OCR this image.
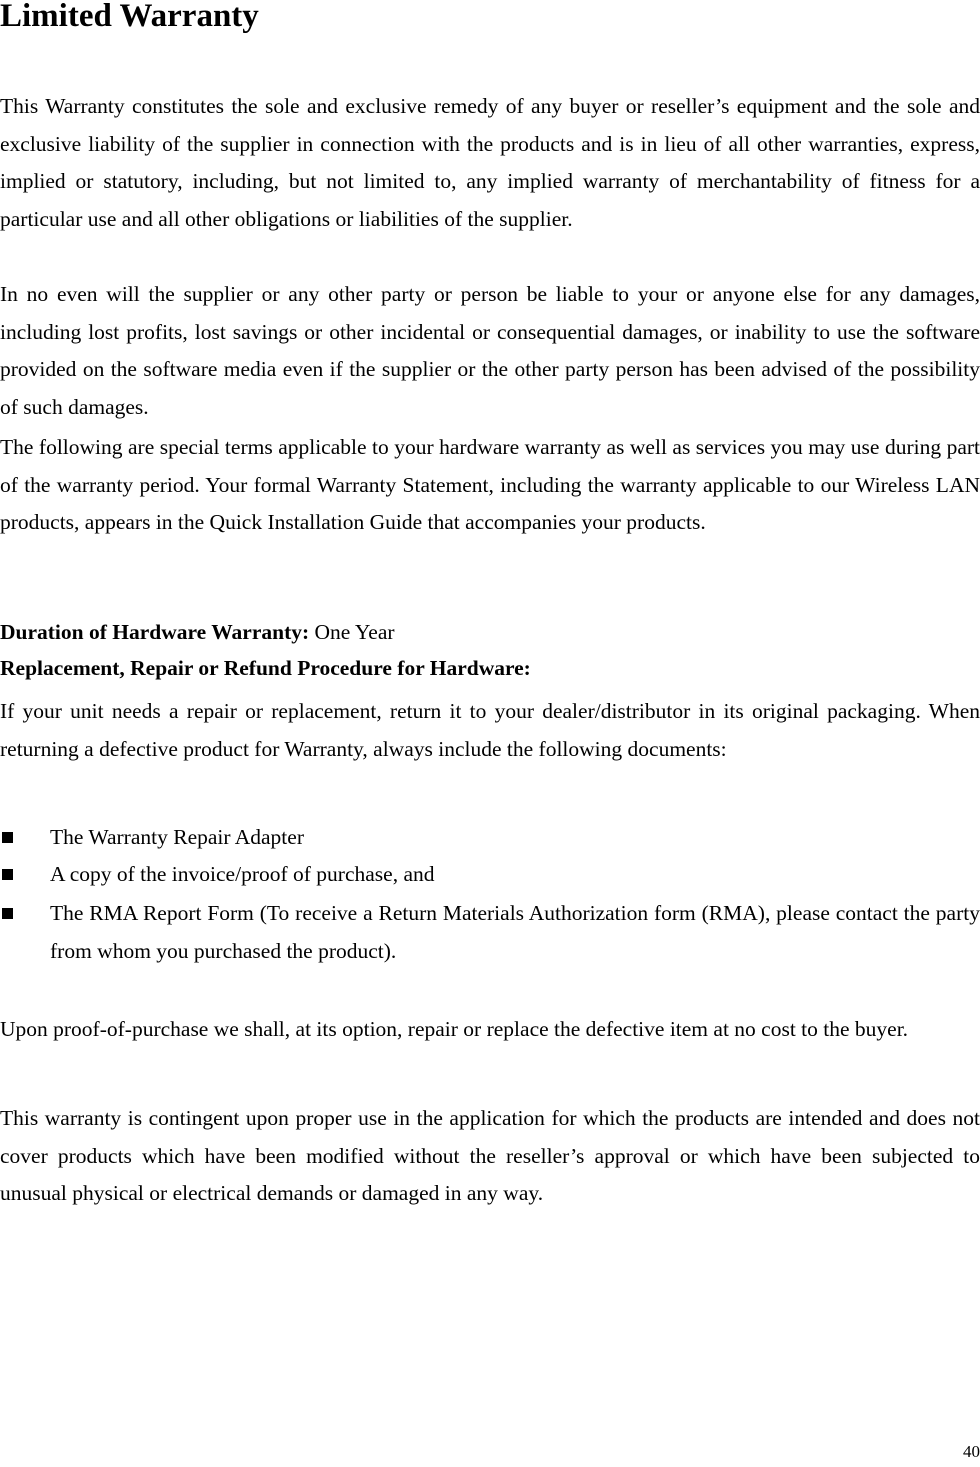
Limited Warranty

This Warranty constitutes the sole and exclusive remedy of any buyer or reseller’s equipment and the sole and exclusive liability of the supplier in connection with the products and is in lieu of all other warranties, express, implied or statutory, including, but not limited to, any implied warranty of merchantability of fitness for a particular use and all other obligations or liabilities of the supplier.

In no even will the supplier or any other party or person be liable to your or anyone else for any damages, including lost profits, lost savings or other incidental or consequential damages, or inability to use the software provided on the software media even if the supplier or the other party person has been advised of the possibility of such damages.

The following are special terms applicable to your hardware warranty as well as services you may use during part of the warranty period. Your formal Warranty Statement, including the warranty applicable to our Wireless LAN products, appears in the Quick Installation Guide that accompanies your products.

Duration of Hardware Warranty: One Year

Replacement, Repair or Refund Procedure for Hardware:

If your unit needs a repair or replacement, return it to your dealer/distributor in its original packaging. When returning a defective product for Warranty, always include the following documents:

The Warranty Repair Adapter
A copy of the invoice/proof of purchase, and
The RMA Report Form (To receive a Return Materials Authorization form (RMA), please contact the party from whom you purchased the product).

Upon proof-of-purchase we shall, at its option, repair or replace the defective item at no cost to the buyer.

This warranty is contingent upon proper use in the application for which the products are intended and does not cover products which have been modified without the reseller’s approval or which have been subjected to unusual physical or electrical demands or damaged in any way.

40
